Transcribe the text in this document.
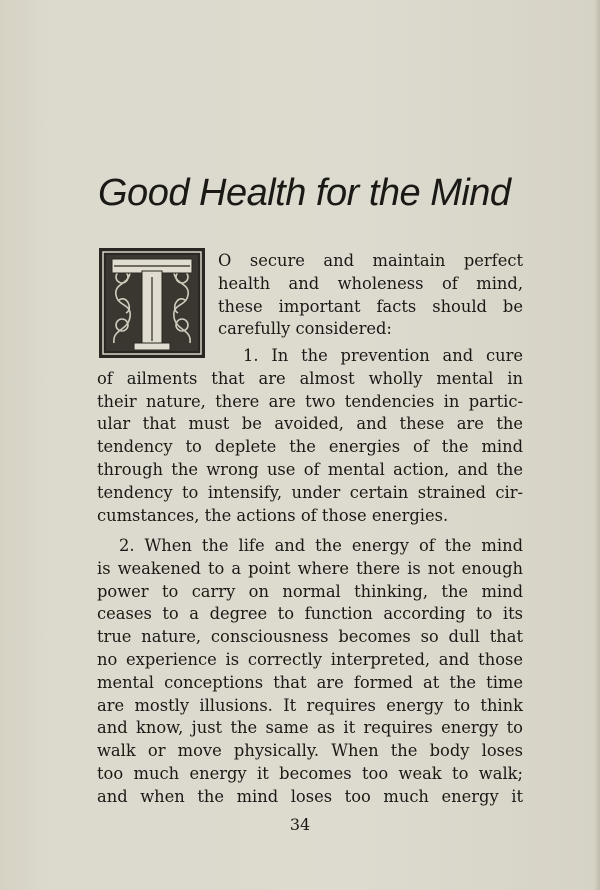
Good Health for the Mind
O secure and maintain perfect
health and wholeness of mind,
these important facts should be
carefully considered:
1. In the prevention and cure
of ailments that are almost wholly mental in
their nature, there are two tendencies in partic-
ular that must be avoided, and these are the
tendency to deplete the energies of the mind
through the wrong use of mental action, and the
tendency to intensify, under certain strained cir-
cumstances, the actions of those energies.
2. When the life and the energy of the mind
is weakened to a point where there is not enough
power to carry on normal thinking, the mind
ceases to a degree to function according to its
true nature, consciousness becomes so dull that
no experience is correctly interpreted, and those
mental conceptions that are formed at the time
are mostly illusions. It requires energy to think
and know, just the same as it requires energy to
walk or move physically. When the body loses
too much energy it becomes too weak to walk;
and when the mind loses too much energy it
34
